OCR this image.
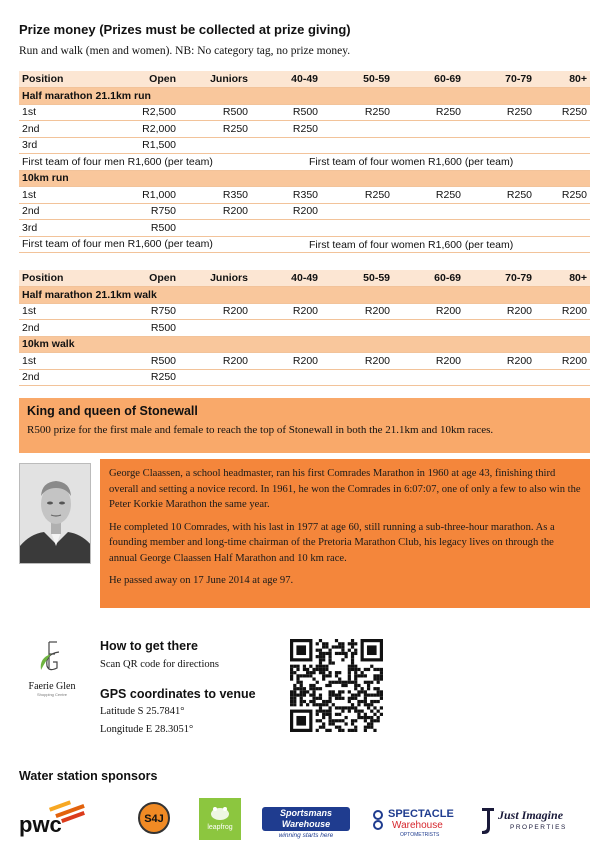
Prize money (Prizes must be collected at prize giving)
Run and walk (men and women). NB: No category tag, no prize money.
Position	Open	Juniors	40-49	50-59	60-69	70-79	80+
Half marathon 21.1km run							
1st	R2,500	R500	R500	R250	R250	R250	R250
2nd	R2,000	R250	R250				
3rd	R1,500						
First team of four men R1,600 (per team) First team of four women R1,600 (per team)							

10km run							
1st	R1,000	R350	R350	R250	R250	R250	R250
2nd	R750	R200	R200				
3rd	R500						
First team of four men R1,600 (per team) First team of four women R1,600 (per team)							
Position	Open	Juniors	40-49	50-59	60-69	70-79	80+
Half marathon 21.1km walk							
1st	R750	R200	R200	R200	R200	R200	R200
2nd	R500						
10km walk							
1st	R500	R200	R200	R200	R200	R200	R200
2nd	R250						
King and queen of Stonewall
R500 prize for the first male and female to reach the top of Stonewall in both the 21.1km and 10km races.

George Claassen, a school headmaster, ran his first Comrades Marathon in 1960 at age 43, finishing third overall and setting a novice record. In 1961, he won the Comrades in 6:07:07, one of only a few to also win the Peter Korkie Marathon the same year.

He completed 10 Comrades, with his last in 1977 at age 60, still running a sub-three-hour marathon. As a founding member and long-time chairman of the Pretoria Marathon Club, his legacy lives on through the annual George Claassen Half Marathon and 10 km race.

He passed away on 17 June 2014 at age 97.

Faerie Glen
Shopping Centre
How to get there
Scan QR code for directions
GPS coordinates to venue
Latitude S 25.7841°
Longitude E 28.3051°
Water station sponsors
pwc	S4J
leapfrog
Sportsmans
Warehouse
winning starts here
SPECTACLE
Warehouse
OPTOMETRISTS
Just Imagine
PROPERTIES
